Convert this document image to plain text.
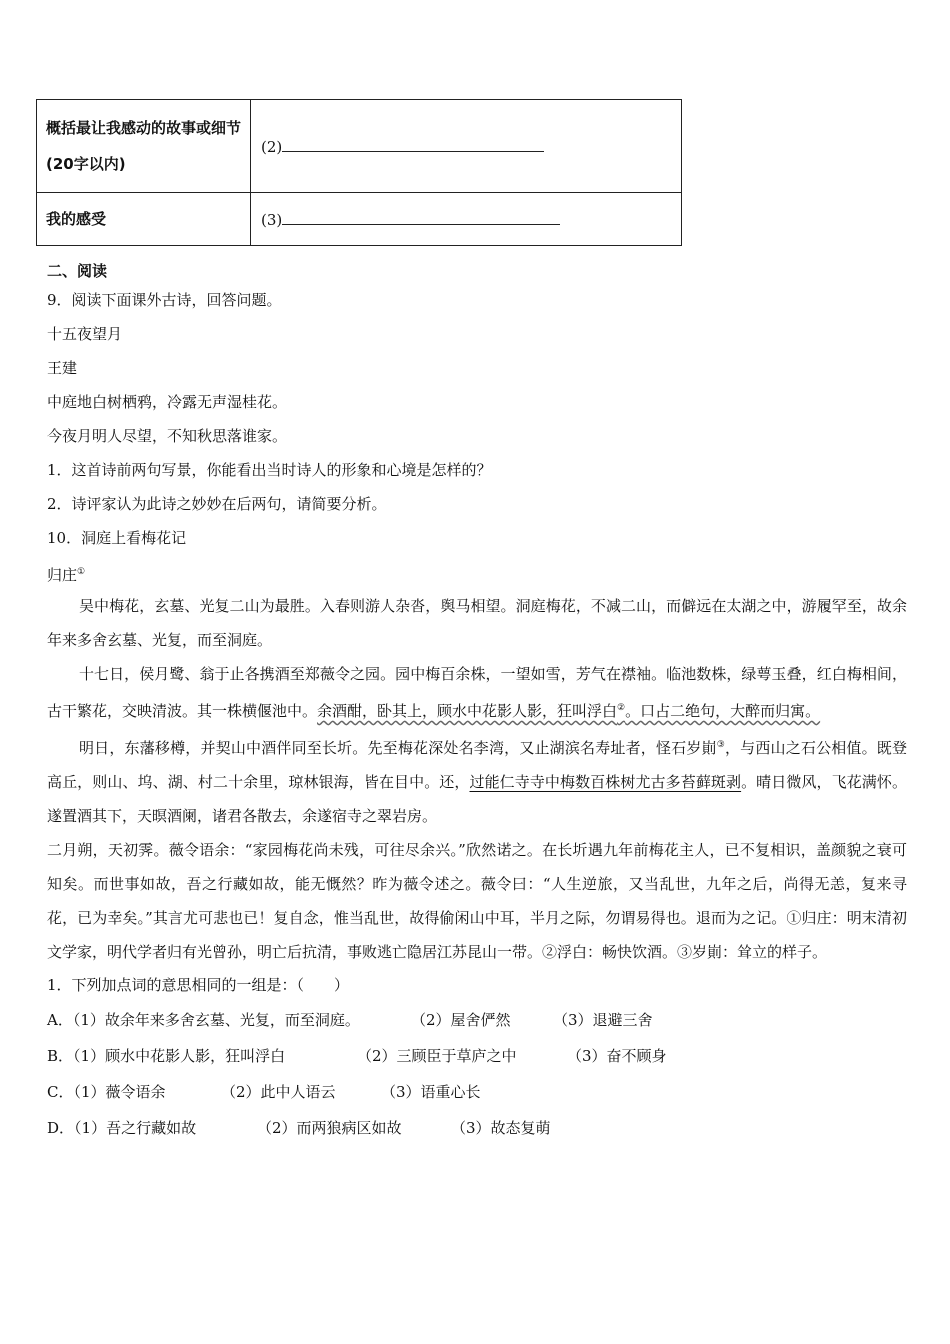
概括最让我感动的故事或细节(20字以内)	(2)
我的感受	(3)
二、阅读
9．阅读下面课外古诗，回答问题。
十五夜望月
王建
中庭地白树栖鸦，冷露无声湿桂花。
今夜月明人尽望，不知秋思落谁家。
1．这首诗前两句写景，你能看出当时诗人的形象和心境是怎样的？
2．诗评家认为此诗之妙妙在后两句，请简要分析。
10．洞庭上看梅花记
归庄①
吴中梅花，玄墓、光复二山为最胜。入春则游人杂沓，舆马相望。洞庭梅花，不减二山，而僻远在太湖之中，游履罕至，故余年来多舍玄墓、光复，而至洞庭。
十七日，侯月鹭、翁于止各携酒至郑薇令之园。园中梅百余株，一望如雪，芳气在襟袖。临池数株，绿萼玉叠，红白梅相间，古干繁花，交映清波。其一株横偃池中。余酒酣，卧其上，顾水中花影人影，狂叫浮白②。口占二绝句，大醉而归寓。
明日，东藩移樽，并契山中酒伴同至长圻。先至梅花深处名李湾，又止湖滨名寿址者，怪石岁崱③，与西山之石公相值。既登高丘，则山、坞、湖、村二十余里，琼林银海，皆在目中。还，过能仁寺寺中梅数百株树尤古多苔藓斑剥。晴日微风，飞花满怀。遂置酒其下，天暝酒阑，诸君各散去，余遂宿寺之翠岩房。
二月朔，天初霁。薇令语余：“家园梅花尚未残，可往尽余兴。”欣然诺之。在长圻遇九年前梅花主人，已不复相识，盖颜貌之衰可知矣。而世事如故，吾之行藏如故，能无慨然？昨为薇令述之。薇令曰：“人生逆旅，又当乱世，九年之后，尚得无恙，复来寻花，已为幸矣。”其言尤可悲也已！复自念，惟当乱世，故得偷闲山中耳，半月之际，勿谓易得也。退而为之记。①归庄：明末清初文学家，明代学者归有光曾孙，明亡后抗清，事败逃亡隐居江苏昆山一带。②浮白：畅快饮酒。③岁崱：耸立的样子。
1．下列加点词的意思相同的一组是：（　　）
A．（1）故余年来多舍玄墓、光复，而至洞庭。	（2）屋舍俨然	（3）退避三舍
B．（1）顾水中花影人影，狂叫浮白	（2）三顾臣于草庐之中	（3）奋不顾身
C．（1）薇令语余	（2）此中人语云	（3）语重心长
D．（1）吾之行藏如故	（2）而两狼病区如故	（3）故态复萌
